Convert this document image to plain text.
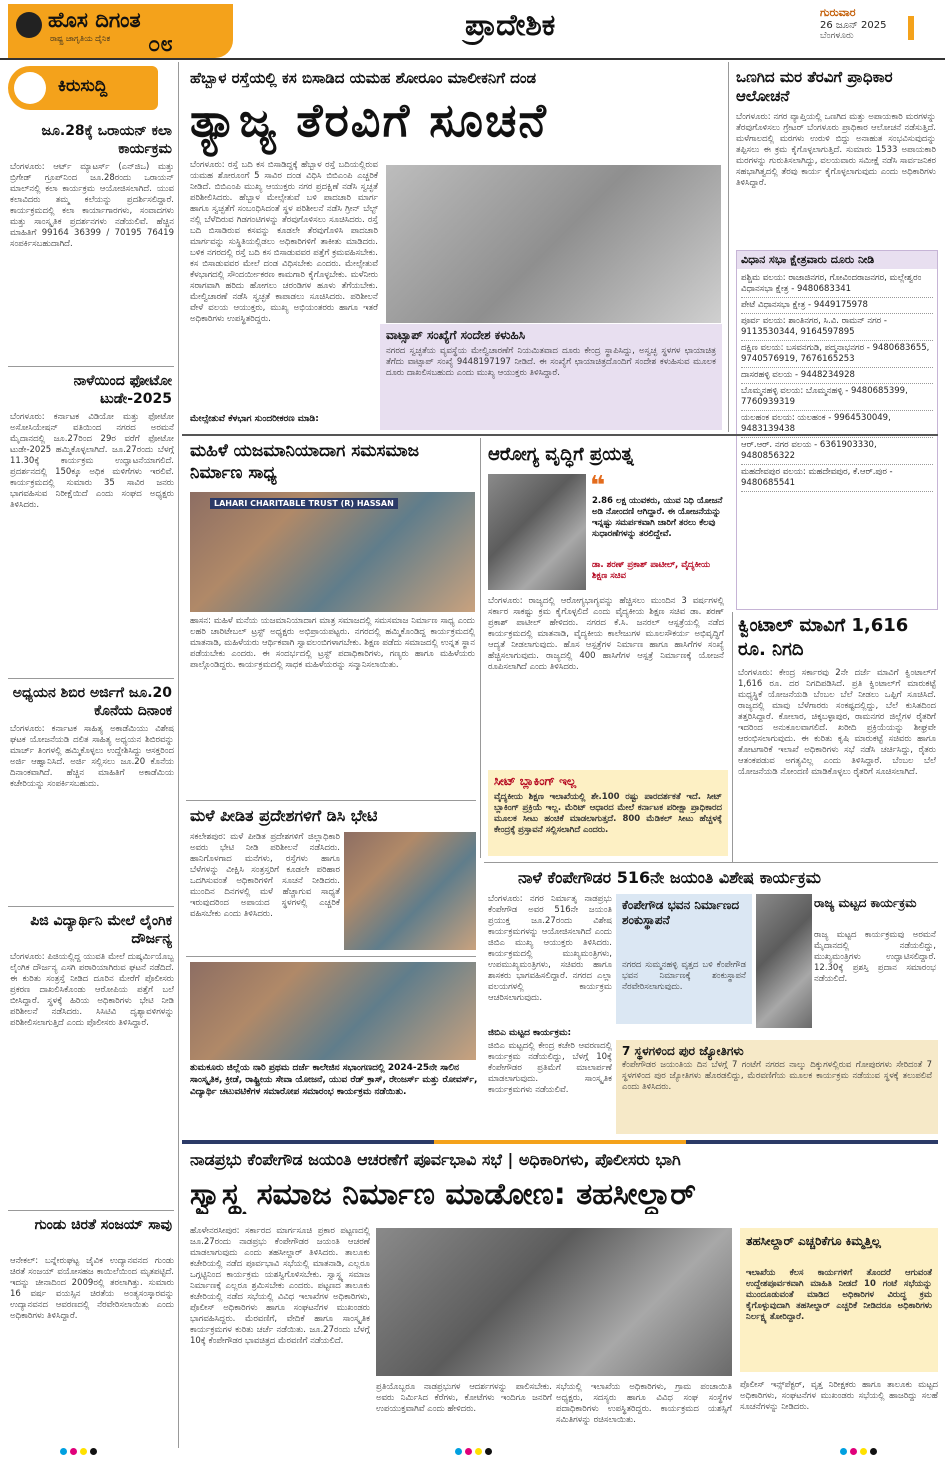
ಹೊಸ ದಿಗಂತ
ರಾಷ್ಟ್ರ ಜಾಗೃತಿಯ ದೈನಿಕ ೦೮
ಪ್ರಾದೇಶಿಕ	ಗುರುವಾರ
26 ಜೂನ್ 2025
ಬೆಂಗಳೂರು
ಕಿರುಸುದ್ದಿ
ಜೂ.28ಕ್ಕೆ ಒರಾಯನ್ ಕಲಾ ಕಾರ್ಯಕ್ರಮ
ಬೆಂಗಳೂರು: ಆರ್ಟ್ ಮ್ಯಾಟರ್ಸ್ (ಎನ್‌ಜಿಒ) ಮತ್ತು ಬ್ರಿಗೇಡ್ ಗ್ರೂಪ್‌ನಿಂದ ಜೂ.28ರಂದು ಒರಾಯನ್ ಮಾಲ್‌ನಲ್ಲಿ ಕಲಾ ಕಾರ್ಯಕ್ರಮ ಆಯೋಜಿಸಲಾಗಿದೆ. ಯುವ ಕಲಾವಿದರು ತಮ್ಮ ಕಲೆಯನ್ನು ಪ್ರದರ್ಶಿಸಲಿದ್ದಾರೆ. ಕಾರ್ಯಕ್ರಮದಲ್ಲಿ ಕಲಾ ಕಾರ್ಯಾಗಾರಗಳು, ಸಂವಾದಗಳು ಮತ್ತು ಸಾಂಸ್ಕೃತಿಕ ಪ್ರದರ್ಶನಗಳು ನಡೆಯಲಿವೆ. ಹೆಚ್ಚಿನ ಮಾಹಿತಿಗೆ 99164 36399 / 70195 76419 ಸಂಪರ್ಕಿಸಬಹುದಾಗಿದೆ.
ನಾಳೆಯಿಂದ ಫೋಟೋ ಟುಡೇ-2025
ಬೆಂಗಳೂರು: ಕರ್ನಾಟಕ ವಿಡಿಯೋ ಮತ್ತು ಫೋಟೋ ಅಸೋಸಿಯೇಷನ್ ವತಿಯಿಂದ ನಗರದ ಅರಮನೆ ಮೈದಾನದಲ್ಲಿ ಜೂ.27ರಿಂದ 29ರ ವರೆಗೆ ಫೋಟೋ ಟುಡೇ-2025 ಹಮ್ಮಿಕೊಳ್ಳಲಾಗಿದೆ. ಜೂ.27ರಂದು ಬೆಳಗ್ಗೆ 11.30ಕ್ಕೆ ಕಾರ್ಯಕ್ರಮ ಉದ್ಘಾಟನೆಯಾಗಲಿದೆ. ಪ್ರದರ್ಶನದಲ್ಲಿ 150ಕ್ಕೂ ಅಧಿಕ ಮಳಿಗೆಗಳು ಇರಲಿವೆ. ಕಾರ್ಯಕ್ರಮದಲ್ಲಿ ಸುಮಾರು 35 ಸಾವಿರ ಜನರು ಭಾಗವಹಿಸುವ ನಿರೀಕ್ಷೆಯಿದೆ ಎಂದು ಸಂಘದ ಅಧ್ಯಕ್ಷರು ತಿಳಿಸಿದರು.
ಅಧ್ಯಯನ ಶಿಬಿರ ಅರ್ಜಿಗೆ ಜೂ.20 ಕೊನೆಯ ದಿನಾಂಕ
ಬೆಂಗಳೂರು: ಕರ್ನಾಟಕ ಸಾಹಿತ್ಯ ಅಕಾಡೆಮಿಯು ವಿಶೇಷ ಘಟಕ ಯೋಜನೆಯಡಿ ದಲಿತ ಸಾಹಿತ್ಯ ಅಧ್ಯಯನ ಶಿಬಿರವನ್ನು ಮಾರ್ಚ್ ತಿಂಗಳಲ್ಲಿ ಹಮ್ಮಿಕೊಳ್ಳಲು ಉದ್ದೇಶಿಸಿದ್ದು ಆಸಕ್ತರಿಂದ ಅರ್ಜಿ ಆಹ್ವಾನಿಸಿದೆ. ಅರ್ಜಿ ಸಲ್ಲಿಸಲು ಜೂ.20 ಕೊನೆಯ ದಿನಾಂಕವಾಗಿದೆ. ಹೆಚ್ಚಿನ ಮಾಹಿತಿಗೆ ಅಕಾಡೆಮಿಯ ಕಚೇರಿಯನ್ನು ಸಂಪರ್ಕಿಸಬಹುದು.
ಪಿಜಿ ವಿದ್ಯಾರ್ಥಿನಿ ಮೇಲೆ ಲೈಂಗಿಕ ದೌರ್ಜನ್ಯ
ಬೆಂಗಳೂರು: ಪಿಜಿಯಲ್ಲಿದ್ದ ಯುವತಿ ಮೇಲೆ ದುಷ್ಕರ್ಮಿಯೊಬ್ಬ ಲೈಂಗಿಕ ದೌರ್ಜನ್ಯ ಎಸಗಿ ಪರಾರಿಯಾಗಿರುವ ಘಟನೆ ನಡೆದಿದೆ. ಈ ಕುರಿತು ಸಂತ್ರಸ್ತೆ ನೀಡಿದ ದೂರಿನ ಮೇರೆಗೆ ಪೊಲೀಸರು ಪ್ರಕರಣ ದಾಖಲಿಸಿಕೊಂಡು ಆರೋಪಿಯ ಪತ್ತೆಗೆ ಬಲೆ ಬೀಸಿದ್ದಾರೆ. ಸ್ಥಳಕ್ಕೆ ಹಿರಿಯ ಅಧಿಕಾರಿಗಳು ಭೇಟಿ ನೀಡಿ ಪರಿಶೀಲನೆ ನಡೆಸಿದರು. ಸಿಸಿಟಿವಿ ದೃಶ್ಯಾವಳಿಗಳನ್ನು ಪರಿಶೀಲಿಸಲಾಗುತ್ತಿದೆ ಎಂದು ಪೊಲೀಸರು ತಿಳಿಸಿದ್ದಾರೆ.
ಗುಂಡು ಚಿರತೆ ಸಂಜಯ್ ಸಾವು
ಆನೇಕಲ್: ಬನ್ನೇರುಘಟ್ಟ ಜೈವಿಕ ಉದ್ಯಾನವನದ ಗುಂಡು ಚಿರತೆ ಸಂಜಯ್ ವಯೋಸಹಜ ಕಾಯಿಲೆಯಿಂದ ಮೃತಪಟ್ಟಿದೆ. ಇದನ್ನು ಚೀನಾದಿಂದ 2009ರಲ್ಲಿ ತರಲಾಗಿತ್ತು. ಸುಮಾರು 16 ವರ್ಷ ವಯಸ್ಸಿನ ಚಿರತೆಯ ಅಂತ್ಯಸಂಸ್ಕಾರವನ್ನು ಉದ್ಯಾನವನದ ಆವರಣದಲ್ಲಿ ನೆರವೇರಿಸಲಾಯಿತು ಎಂದು ಅಧಿಕಾರಿಗಳು ತಿಳಿಸಿದ್ದಾರೆ.
ಹೆಬ್ಬಾಳ ರಸ್ತೆಯಲ್ಲಿ ಕಸ ಬಿಸಾಡಿದ ಯಮಹ ಶೋರೂಂ ಮಾಲೀಕನಿಗೆ ದಂಡ
ತ್ಯಾಜ್ಯ ತೆರವಿಗೆ ಸೂಚನೆ
ಬೆಂಗಳೂರು: ರಸ್ತೆ ಬದಿ ಕಸ ಬಿಸಾಡಿದ್ದಕ್ಕೆ ಹೆಬ್ಬಾಳ ರಸ್ತೆ ಬದಿಯಲ್ಲಿರುವ ಯಮಹ ಶೋರೂಂಗೆ 5 ಸಾವಿರ ದಂಡ ವಿಧಿಸಿ ಬಿಬಿಎಂಪಿ ಎಚ್ಚರಿಕೆ ನೀಡಿದೆ. ಬಿಬಿಎಂಪಿ ಮುಖ್ಯ ಆಯುಕ್ತರು ನಗರ ಪ್ರದಕ್ಷಿಣೆ ನಡೆಸಿ ಸ್ವಚ್ಛತೆ ಪರಿಶೀಲಿಸಿದರು. ಹೆಬ್ಬಾಳ ಮೇಲ್ಸೇತುವೆ ಬಳಿ ಪಾದಚಾರಿ ಮಾರ್ಗ ಹಾಗೂ ಸ್ವಚ್ಛತೆಗೆ ಸಂಬಂಧಿಸಿದಂತೆ ಸ್ಥಳ ಪರಿಶೀಲನೆ ನಡೆಸಿ ಗ್ರೀನ್ ಬೆಲ್ಟ್ ನಲ್ಲಿ ಬೆಳೆದಿರುವ ಗಿಡಗಂಟಿಗಳನ್ನು ತೆರವುಗೊಳಿಸಲು ಸೂಚಿಸಿದರು. ರಸ್ತೆ ಬದಿ ಬಿಸಾಡಿರುವ ಕಸವನ್ನು ಕೂಡಲೇ ತೆರವುಗೊಳಿಸಿ ಪಾದಚಾರಿ ಮಾರ್ಗವನ್ನು ಸುಸ್ಥಿತಿಯಲ್ಲಿಡಲು ಅಧಿಕಾರಿಗಳಿಗೆ ತಾಕೀತು ಮಾಡಿದರು. ಬಳಿಕ ನಗರದಲ್ಲಿ ರಸ್ತೆ ಬದಿ ಕಸ ಬಿಸಾಡುವವರ ಪತ್ತೆಗೆ ಕ್ರಮವಹಿಸಬೇಕು. ಕಸ ಬಿಸಾಡುವವರ ಮೇಲೆ ದಂಡ ವಿಧಿಸಬೇಕು ಎಂದರು. ಮೇಲ್ಸೇತುವೆ ಕೆಳಭಾಗದಲ್ಲಿ ಸೌಂದರ್ಯೀಕರಣ ಕಾಮಗಾರಿ ಕೈಗೊಳ್ಳಬೇಕು. ಮಳೆನೀರು ಸರಾಗವಾಗಿ ಹರಿದು ಹೋಗಲು ಚರಂಡಿಗಳ ಹೂಳು ತೆಗೆಯಬೇಕು. ಮೇಲ್ವಿಚಾರಣೆ ನಡೆಸಿ ಸ್ವಚ್ಛತೆ ಕಾಪಾಡಲು ಸೂಚಿಸಿದರು. ಪರಿಶೀಲನೆ ವೇಳೆ ವಲಯ ಆಯುಕ್ತರು, ಮುಖ್ಯ ಅಭಿಯಂತರರು ಹಾಗೂ ಇತರೆ ಅಧಿಕಾರಿಗಳು ಉಪಸ್ಥಿತರಿದ್ದರು.
ಮೇಲ್ಸೇತುವೆ ಕೆಳಭಾಗ ಸುಂದರೀಕರಣ ಮಾಡಿ:
ವಾಟ್ಸಾಪ್ ಸಂಖ್ಯೆಗೆ ಸಂದೇಶ ಕಳುಹಿಸಿ
ನಗರದ ಸ್ವಚ್ಛತೆಯ ವ್ಯವಸ್ಥೆಯ ಮೇಲ್ವಿಚಾರಣೆಗೆ ನಿಯಮಿತವಾದ ದೂರು ಕೇಂದ್ರ ಸ್ಥಾಪಿಸಿದ್ದು, ಅಸ್ವಚ್ಛ ಸ್ಥಳಗಳ ಛಾಯಾಚಿತ್ರ ತೆಗೆದು ವಾಟ್ಸಾಪ್ ಸಂಖ್ಯೆ 9448197197 ನೀಡಿದೆ. ಈ ಸಂಖ್ಯೆಗೆ ಛಾಯಾಚಿತ್ರದೊಂದಿಗೆ ಸಂದೇಶ ಕಳುಹಿಸುವ ಮೂಲಕ ದೂರು ದಾಖಲಿಸಬಹುದು ಎಂದು ಮುಖ್ಯ ಆಯುಕ್ತರು ತಿಳಿಸಿದ್ದಾರೆ.
ಒಣಗಿದ ಮರ ತೆರವಿಗೆ ಪ್ರಾಧಿಕಾರ ಆಲೋಚನೆ
ಬೆಂಗಳೂರು: ನಗರ ವ್ಯಾಪ್ತಿಯಲ್ಲಿ ಒಣಗಿದ ಮತ್ತು ಅಪಾಯಕಾರಿ ಮರಗಳನ್ನು ತೆರವುಗೊಳಿಸಲು ಗ್ರೇಟರ್ ಬೆಂಗಳೂರು ಪ್ರಾಧಿಕಾರ ಆಲೋಚನೆ ನಡೆಸುತ್ತಿದೆ. ಮಳೆಗಾಲದಲ್ಲಿ ಮರಗಳು ಉರುಳಿ ಬಿದ್ದು ಅನಾಹುತ ಸಂಭವಿಸುವುದನ್ನು ತಪ್ಪಿಸಲು ಈ ಕ್ರಮ ಕೈಗೊಳ್ಳಲಾಗುತ್ತಿದೆ. ಸುಮಾರು 1533 ಅಪಾಯಕಾರಿ ಮರಗಳನ್ನು ಗುರುತಿಸಲಾಗಿದ್ದು, ವಲಯವಾರು ಸಮೀಕ್ಷೆ ನಡೆಸಿ ಸಾರ್ವಜನಿಕರ ಸಹಭಾಗಿತ್ವದಲ್ಲಿ ತೆರವು ಕಾರ್ಯ ಕೈಗೊಳ್ಳಲಾಗುವುದು ಎಂದು ಅಧಿಕಾರಿಗಳು ತಿಳಿಸಿದ್ದಾರೆ.
ವಿಧಾನ ಸಭಾ ಕ್ಷೇತ್ರವಾರು ದೂರು ನೀಡಿ
ಪಶ್ಚಿಮ ವಲಯ: ರಾಜಾಜಿನಗರ, ಗೋವಿಂದರಾಜನಗರ, ಮಲ್ಲೇಶ್ವರಂ ವಿಧಾನಸಭಾ ಕ್ಷೇತ್ರ - 9480683341
ಪೇಟೆ ವಿಧಾನಸಭಾ ಕ್ಷೇತ್ರ - 9449175978
ಪೂರ್ವ ವಲಯ: ಶಾಂತಿನಗರ, ಸಿ.ವಿ. ರಾಮನ್ ನಗರ - 9113530344, 9164597895
ದಕ್ಷಿಣ ವಲಯ: ಬಸವನಗುಡಿ, ಪದ್ಮನಾಭನಗರ - 9480683655, 9740576919, 7676165253
ದಾಸರಹಳ್ಳಿ ವಲಯ - 9448234928
ಬೊಮ್ಮನಹಳ್ಳಿ ವಲಯ: ಬೊಮ್ಮನಹಳ್ಳಿ - 9480685399, 7760939319
ಯಲಹಂಕ ವಲಯ: ಯಲಹಂಕ - 9964530049, 9483139438
ಆರ್.ಆರ್. ನಗರ ವಲಯ - 6361903330, 9480856322
ಮಹದೇವಪುರ ವಲಯ: ಮಹದೇವಪುರ, ಕೆ.ಆರ್.ಪುರ - 9480685541
ಮಹಿಳೆ ಯಜಮಾನಿಯಾದಾಗ ಸಮಸಮಾಜ ನಿರ್ಮಾಣ ಸಾಧ್ಯ
LAHARI CHARITABLE TRUST (R) HASSAN
ಹಾಸನ: ಮಹಿಳೆ ಮನೆಯ ಯಜಮಾನಿಯಾದಾಗ ಮಾತ್ರ ಸಮಾಜದಲ್ಲಿ ಸಮಸಮಾಜ ನಿರ್ಮಾಣ ಸಾಧ್ಯ ಎಂದು ಲಹರಿ ಚಾರಿಟೇಬಲ್ ಟ್ರಸ್ಟ್ ಅಧ್ಯಕ್ಷರು ಅಭಿಪ್ರಾಯಪಟ್ಟರು. ನಗರದಲ್ಲಿ ಹಮ್ಮಿಕೊಂಡಿದ್ದ ಕಾರ್ಯಕ್ರಮದಲ್ಲಿ ಮಾತನಾಡಿ, ಮಹಿಳೆಯರು ಆರ್ಥಿಕವಾಗಿ ಸ್ವಾವಲಂಬಿಗಳಾಗಬೇಕು. ಶಿಕ್ಷಣ ಪಡೆದು ಸಮಾಜದಲ್ಲಿ ಉನ್ನತ ಸ್ಥಾನ ಪಡೆಯಬೇಕು ಎಂದರು. ಈ ಸಂದರ್ಭದಲ್ಲಿ ಟ್ರಸ್ಟ್ ಪದಾಧಿಕಾರಿಗಳು, ಗಣ್ಯರು ಹಾಗೂ ಮಹಿಳೆಯರು ಪಾಲ್ಗೊಂಡಿದ್ದರು. ಕಾರ್ಯಕ್ರಮದಲ್ಲಿ ಸಾಧಕ ಮಹಿಳೆಯರನ್ನು ಸನ್ಮಾನಿಸಲಾಯಿತು.
ಆರೋಗ್ಯ ವೃದ್ಧಿಗೆ ಪ್ರಯತ್ನ
❝
2.86 ಲಕ್ಷ ಯುವಕರು, ಯುವ ನಿಧಿ ಯೋಜನೆ ಅಡಿ ನೋಂದಣಿ ಆಗಿದ್ದಾರೆ. ಈ ಯೋಜನೆಯನ್ನು ಇನ್ನಷ್ಟು ಸಮರ್ಪಕವಾಗಿ ಜಾರಿಗೆ ತರಲು ಕೆಲವು ಸುಧಾರಣೆಗಳನ್ನು ತರಲಿದ್ದೇವೆ.
ಡಾ. ಶರಣ್ ಪ್ರಕಾಶ್ ಪಾಟೀಲ್, ವೈದ್ಯಕೀಯ ಶಿಕ್ಷಣ ಸಚಿವ
ಬೆಂಗಳೂರು: ರಾಜ್ಯದಲ್ಲಿ ಆರೋಗ್ಯಭಾಗ್ಯವನ್ನು ಹೆಚ್ಚಿಸಲು ಮುಂದಿನ 3 ವರ್ಷಗಳಲ್ಲಿ ಸರ್ಕಾರ ಸಾಕಷ್ಟು ಕ್ರಮ ಕೈಗೊಳ್ಳಲಿದೆ ಎಂದು ವೈದ್ಯಕೀಯ ಶಿಕ್ಷಣ ಸಚಿವ ಡಾ. ಶರಣ್ ಪ್ರಕಾಶ್ ಪಾಟೀಲ್ ಹೇಳಿದರು. ನಗರದ ಕೆ.ಸಿ. ಜನರಲ್ ಆಸ್ಪತ್ರೆಯಲ್ಲಿ ನಡೆದ ಕಾರ್ಯಕ್ರಮದಲ್ಲಿ ಮಾತನಾಡಿ, ವೈದ್ಯಕೀಯ ಕಾಲೇಜುಗಳ ಮೂಲಸೌಕರ್ಯ ಅಭಿವೃದ್ಧಿಗೆ ಆದ್ಯತೆ ನೀಡಲಾಗುವುದು. ಹೊಸ ಆಸ್ಪತ್ರೆಗಳ ನಿರ್ಮಾಣ ಹಾಗೂ ಹಾಸಿಗೆಗಳ ಸಂಖ್ಯೆ ಹೆಚ್ಚಿಸಲಾಗುವುದು. ರಾಜ್ಯದಲ್ಲಿ 400 ಹಾಸಿಗೆಗಳ ಆಸ್ಪತ್ರೆ ನಿರ್ಮಾಣಕ್ಕೆ ಯೋಜನೆ ರೂಪಿಸಲಾಗಿದೆ ಎಂದು ತಿಳಿಸಿದರು.
ಸೀಟ್ ಬ್ಲಾಕಿಂಗ್ ಇಲ್ಲ
ವೈದ್ಯಕೀಯ ಶಿಕ್ಷಣ ಇಲಾಖೆಯಲ್ಲಿ ಶೇ.100 ರಷ್ಟು ಪಾರದರ್ಶಕತೆ ಇದೆ. ಸೀಟ್ ಬ್ಲಾಕಿಂಗ್ ಪ್ರಕ್ರಿಯೆ ಇಲ್ಲ. ಮೆರಿಟ್ ಆಧಾರದ ಮೇಲೆ ಕರ್ನಾಟಕ ಪರೀಕ್ಷಾ ಪ್ರಾಧಿಕಾರದ ಮೂಲಕ ಸೀಟು ಹಂಚಿಕೆ ಮಾಡಲಾಗುತ್ತದೆ. 800 ಮೆಡಿಕಲ್ ಸೀಟು ಹೆಚ್ಚಳಕ್ಕೆ ಕೇಂದ್ರಕ್ಕೆ ಪ್ರಸ್ತಾವನೆ ಸಲ್ಲಿಸಲಾಗಿದೆ ಎಂದರು.
ಕ್ವಿಂಟಾಲ್ ಮಾವಿಗೆ 1,616 ರೂ. ನಿಗದಿ
ಬೆಂಗಳೂರು: ಕೇಂದ್ರ ಸರ್ಕಾರವು 2ನೇ ದರ್ಜೆ ಮಾವಿಗೆ ಕ್ವಿಂಟಾಲ್‌ಗೆ 1,616 ರೂ. ದರ ನಿಗದಿಪಡಿಸಿದೆ. ಪ್ರತಿ ಕ್ವಿಂಟಾಲ್‌ಗೆ ಮಾರುಕಟ್ಟೆ ಮಧ್ಯಸ್ಥಿಕೆ ಯೋಜನೆಯಡಿ ಬೆಂಬಲ ಬೆಲೆ ನೀಡಲು ಒಪ್ಪಿಗೆ ಸೂಚಿಸಿದೆ. ರಾಜ್ಯದಲ್ಲಿ ಮಾವು ಬೆಳೆಗಾರರು ಸಂಕಷ್ಟದಲ್ಲಿದ್ದು, ಬೆಲೆ ಕುಸಿತದಿಂದ ತತ್ತರಿಸಿದ್ದಾರೆ. ಕೋಲಾರ, ಚಿಕ್ಕಬಳ್ಳಾಪುರ, ರಾಮನಗರ ಜಿಲ್ಲೆಗಳ ರೈತರಿಗೆ ಇದರಿಂದ ಅನುಕೂಲವಾಗಲಿದೆ. ಖರೀದಿ ಪ್ರಕ್ರಿಯೆಯನ್ನು ಶೀಘ್ರವೇ ಆರಂಭಿಸಲಾಗುವುದು. ಈ ಕುರಿತು ಕೃಷಿ ಮಾರುಕಟ್ಟೆ ಸಚಿವರು ಹಾಗೂ ತೋಟಗಾರಿಕೆ ಇಲಾಖೆ ಅಧಿಕಾರಿಗಳು ಸಭೆ ನಡೆಸಿ ಚರ್ಚಿಸಿದ್ದು, ರೈತರು ಆತಂಕಪಡುವ ಅಗತ್ಯವಿಲ್ಲ ಎಂದು ತಿಳಿಸಿದ್ದಾರೆ. ಬೆಂಬಲ ಬೆಲೆ ಯೋಜನೆಯಡಿ ನೋಂದಣಿ ಮಾಡಿಕೊಳ್ಳಲು ರೈತರಿಗೆ ಸೂಚಿಸಲಾಗಿದೆ.
ಮಳೆ ಪೀಡಿತ ಪ್ರದೇಶಗಳಿಗೆ ಡಿಸಿ ಭೇಟಿ
ಸಕಲೇಶಪುರ: ಮಳೆ ಪೀಡಿತ ಪ್ರದೇಶಗಳಿಗೆ ಜಿಲ್ಲಾಧಿಕಾರಿ ಅವರು ಭೇಟಿ ನೀಡಿ ಪರಿಶೀಲನೆ ನಡೆಸಿದರು. ಹಾನಿಗೊಳಗಾದ ಮನೆಗಳು, ರಸ್ತೆಗಳು ಹಾಗೂ ಬೆಳೆಗಳನ್ನು ವೀಕ್ಷಿಸಿ ಸಂತ್ರಸ್ತರಿಗೆ ಕೂಡಲೇ ಪರಿಹಾರ ಒದಗಿಸುವಂತೆ ಅಧಿಕಾರಿಗಳಿಗೆ ಸೂಚನೆ ನೀಡಿದರು. ಮುಂದಿನ ದಿನಗಳಲ್ಲಿ ಮಳೆ ಹೆಚ್ಚಾಗುವ ಸಾಧ್ಯತೆ ಇರುವುದರಿಂದ ಅಪಾಯದ ಸ್ಥಳಗಳಲ್ಲಿ ಎಚ್ಚರಿಕೆ ವಹಿಸಬೇಕು ಎಂದು ತಿಳಿಸಿದರು.
ತುಮಕೂರು ಜಿಲ್ಲೆಯ ನಾರಿ ಪ್ರಥಮ ದರ್ಜೆ ಕಾಲೇಜಿನ ಸಭಾಂಗಣದಲ್ಲಿ 2024-25ನೇ ಸಾಲಿನ ಸಾಂಸ್ಕೃತಿಕ, ಕ್ರೀಡೆ, ರಾಷ್ಟ್ರೀಯ ಸೇವಾ ಯೋಜನೆ, ಯುವ ರೆಡ್ ಕ್ರಾಸ್, ರೇಂಜರ್ಸ್ ಮತ್ತು ರೋವರ್ಸ್, ವಿದ್ಯಾರ್ಥಿ ಚಟುವಟಿಕೆಗಳ ಸಮಾರೋಪ ಸಮಾರಂಭ ಕಾರ್ಯಕ್ರಮ ನಡೆಯಿತು.
ನಾಳೆ ಕೆಂಪೇಗೌಡರ 516ನೇ ಜಯಂತಿ ವಿಶೇಷ ಕಾರ್ಯಕ್ರಮ
ಬೆಂಗಳೂರು: ನಗರ ನಿರ್ಮಾತೃ ನಾಡಪ್ರಭು ಕೆಂಪೇಗೌಡ ಅವರ 516ನೇ ಜಯಂತಿ ಪ್ರಯುಕ್ತ ಜೂ.27ರಂದು ವಿಶೇಷ ಕಾರ್ಯಕ್ರಮಗಳನ್ನು ಆಯೋಜಿಸಲಾಗಿದೆ ಎಂದು ಜಿಬಿಎ ಮುಖ್ಯ ಆಯುಕ್ತರು ತಿಳಿಸಿದರು. ಕಾರ್ಯಕ್ರಮದಲ್ಲಿ ಮುಖ್ಯಮಂತ್ರಿಗಳು, ಉಪಮುಖ್ಯಮಂತ್ರಿಗಳು, ಸಚಿವರು ಹಾಗೂ ಶಾಸಕರು ಭಾಗವಹಿಸಲಿದ್ದಾರೆ. ನಗರದ ಎಲ್ಲಾ ವಲಯಗಳಲ್ಲಿ ಕಾರ್ಯಕ್ರಮ ಆಚರಿಸಲಾಗುವುದು.
ಜಿಬಿಎ ಮಟ್ಟದ ಕಾರ್ಯಕ್ರಮ:
ಜಿಬಿಎ ಮಟ್ಟದಲ್ಲಿ ಕೇಂದ್ರ ಕಚೇರಿ ಆವರಣದಲ್ಲಿ ಕಾರ್ಯಕ್ರಮ ನಡೆಯಲಿದ್ದು, ಬೆಳಗ್ಗೆ 10ಕ್ಕೆ ಕೆಂಪೇಗೌಡರ ಪ್ರತಿಮೆಗೆ ಮಾಲಾರ್ಪಣೆ ಮಾಡಲಾಗುವುದು. ಸಾಂಸ್ಕೃತಿಕ ಕಾರ್ಯಕ್ರಮಗಳು ನಡೆಯಲಿವೆ.
ಕೆಂಪೇಗೌಡ ಭವನ ನಿರ್ಮಾಣದ ಶಂಕುಸ್ಥಾಪನೆ
ನಗರದ ಸುಮ್ಮನಹಳ್ಳಿ ವೃತ್ತದ ಬಳಿ ಕೆಂಪೇಗೌಡ ಭವನ ನಿರ್ಮಾಣಕ್ಕೆ ಶಂಕುಸ್ಥಾಪನೆ ನೆರವೇರಿಸಲಾಗುವುದು.
ರಾಜ್ಯ ಮಟ್ಟದ ಕಾರ್ಯಕ್ರಮ
ರಾಜ್ಯ ಮಟ್ಟದ ಕಾರ್ಯಕ್ರಮವು ಅರಮನೆ ಮೈದಾನದಲ್ಲಿ ನಡೆಯಲಿದ್ದು, ಮುಖ್ಯಮಂತ್ರಿಗಳು ಉದ್ಘಾಟಿಸಲಿದ್ದಾರೆ. 12.30ಕ್ಕೆ ಪ್ರಶಸ್ತಿ ಪ್ರದಾನ ಸಮಾರಂಭ ನಡೆಯಲಿದೆ.
7 ಸ್ಥಳಗಳಿಂದ ಪುರ ಜ್ಯೋತಿಗಳು
ಕೆಂಪೇಗೌಡರ ಜಯಂತಿಯ ದಿನ ಬೆಳಗ್ಗೆ 7 ಗಂಟೆಗೆ ನಗರದ ನಾಲ್ಕು ದಿಕ್ಕುಗಳಲ್ಲಿರುವ ಗೋಪುರಗಳು ಸೇರಿದಂತೆ 7 ಸ್ಥಳಗಳಿಂದ ಪುರ ಜ್ಯೋತಿಗಳು ಹೊರಡಲಿದ್ದು, ಮೆರವಣಿಗೆಯ ಮೂಲಕ ಕಾರ್ಯಕ್ರಮ ನಡೆಯುವ ಸ್ಥಳಕ್ಕೆ ತಲುಪಲಿವೆ ಎಂದು ತಿಳಿಸಿದರು.
ನಾಡಪ್ರಭು ಕೆಂಪೇಗೌಡ ಜಯಂತಿ ಆಚರಣೆಗೆ ಪೂರ್ವಭಾವಿ ಸಭೆ | ಅಧಿಕಾರಿಗಳು, ಪೊಲೀಸರು ಭಾಗಿ
ಸ್ವಾಸ್ಥ್ಯ ಸಮಾಜ ನಿರ್ಮಾಣ ಮಾಡೋಣ: ತಹಸೀಲ್ದಾರ್
ಹೊಳೇನರಸೀಪುರ: ಸರ್ಕಾರದ ಮಾರ್ಗಸೂಚಿ ಪ್ರಕಾರ ಪಟ್ಟಣದಲ್ಲಿ ಜೂ.27ರಂದು ನಾಡಪ್ರಭು ಕೆಂಪೇಗೌಡರ ಜಯಂತಿ ಆಚರಣೆ ಮಾಡಲಾಗುವುದು ಎಂದು ತಹಸೀಲ್ದಾರ್ ತಿಳಿಸಿದರು. ತಾಲೂಕು ಕಚೇರಿಯಲ್ಲಿ ನಡೆದ ಪೂರ್ವಭಾವಿ ಸಭೆಯಲ್ಲಿ ಮಾತನಾಡಿ, ಎಲ್ಲರೂ ಒಗ್ಗಟ್ಟಿನಿಂದ ಕಾರ್ಯಕ್ರಮ ಯಶಸ್ವಿಗೊಳಿಸಬೇಕು. ಸ್ವಾಸ್ಥ್ಯ ಸಮಾಜ ನಿರ್ಮಾಣಕ್ಕೆ ಎಲ್ಲರೂ ಶ್ರಮಿಸಬೇಕು ಎಂದರು. ಪಟ್ಟಣದ ತಾಲೂಕು ಕಚೇರಿಯಲ್ಲಿ ನಡೆದ ಸಭೆಯಲ್ಲಿ ವಿವಿಧ ಇಲಾಖೆಗಳ ಅಧಿಕಾರಿಗಳು, ಪೊಲೀಸ್ ಅಧಿಕಾರಿಗಳು ಹಾಗೂ ಸಂಘಟನೆಗಳ ಮುಖಂಡರು ಭಾಗವಹಿಸಿದ್ದರು. ಮೆರವಣಿಗೆ, ವೇದಿಕೆ ಹಾಗೂ ಸಾಂಸ್ಕೃತಿಕ ಕಾರ್ಯಕ್ರಮಗಳ ಕುರಿತು ಚರ್ಚೆ ನಡೆಯಿತು. ಜೂ.27ರಂದು ಬೆಳಗ್ಗೆ 10ಕ್ಕೆ ಕೆಂಪೇಗೌಡರ ಭಾವಚಿತ್ರದ ಮೆರವಣಿಗೆ ನಡೆಯಲಿದೆ.
ಪ್ರತಿಯೊಬ್ಬರೂ ನಾಡಪ್ರಭುಗಳ ಆದರ್ಶಗಳನ್ನು ಪಾಲಿಸಬೇಕು. ಅವರು ನಿರ್ಮಿಸಿದ ಕೆರೆಗಳು, ಕೋಟೆಗಳು ಇಂದಿಗೂ ಜನರಿಗೆ ಉಪಯುಕ್ತವಾಗಿವೆ ಎಂದು ಹೇಳಿದರು.
ಸಭೆಯಲ್ಲಿ ಇಲಾಖೆಯ ಅಧಿಕಾರಿಗಳು, ಗ್ರಾಮ ಪಂಚಾಯಿತಿ ಅಧ್ಯಕ್ಷರು, ಸದಸ್ಯರು ಹಾಗೂ ವಿವಿಧ ಸಂಘ ಸಂಸ್ಥೆಗಳ ಪದಾಧಿಕಾರಿಗಳು ಉಪಸ್ಥಿತರಿದ್ದರು. ಕಾರ್ಯಕ್ರಮದ ಯಶಸ್ಸಿಗೆ ಸಮಿತಿಗಳನ್ನು ರಚಿಸಲಾಯಿತು.
ತಹಸೀಲ್ದಾರ್ ಎಚ್ಚರಿಕೆಗೂ ಕಿಮ್ಮತ್ತಿಲ್ಲ
ಇಲಾಖೆಯ ಕೆಲಸ ಕಾರ್ಯಗಳಿಗೆ ತೊಂದರೆ ಆಗುವಂತೆ ಉದ್ದೇಶಪೂರ್ವಕವಾಗಿ ಮಾಹಿತಿ ನೀಡದೆ 10 ಗಂಟೆ ಸಭೆಯನ್ನು ಮುಂದೂಡುವಂತೆ ಮಾಡಿದ ಅಧಿಕಾರಿಗಳ ವಿರುದ್ಧ ಕ್ರಮ ಕೈಗೊಳ್ಳುವುದಾಗಿ ತಹಸೀಲ್ದಾರ್ ಎಚ್ಚರಿಕೆ ನೀಡಿದರೂ ಅಧಿಕಾರಿಗಳು ನಿರ್ಲಕ್ಷ್ಯ ತೋರಿದ್ದಾರೆ.
ಪೊಲೀಸ್ ಇನ್ಸ್‌ಪೆಕ್ಟರ್, ವೃತ್ತ ನಿರೀಕ್ಷಕರು ಹಾಗೂ ತಾಲೂಕು ಮಟ್ಟದ ಅಧಿಕಾರಿಗಳು, ಸಂಘಟನೆಗಳ ಮುಖಂಡರು ಸಭೆಯಲ್ಲಿ ಹಾಜರಿದ್ದು ಸಲಹೆ ಸೂಚನೆಗಳನ್ನು ನೀಡಿದರು.
